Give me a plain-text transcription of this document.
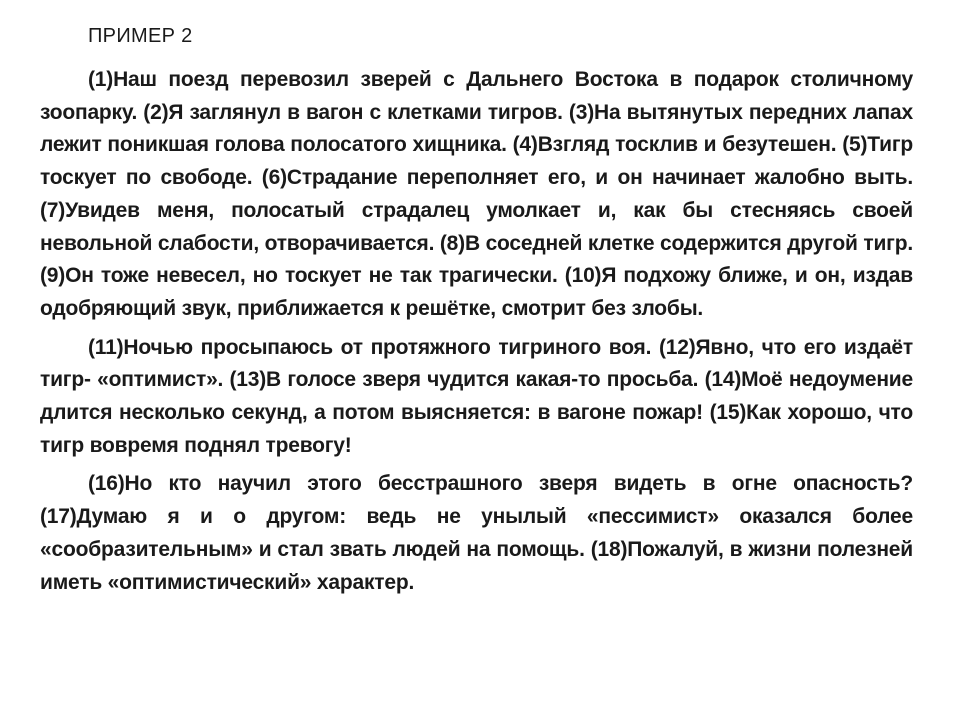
ПРИМЕР 2

(1)Наш поезд перевозил зверей с Дальнего Востока в подарок столичному зоопарку. (2)Я заглянул в вагон с клетками тигров. (3)На вытянутых передних лапах лежит поникшая голова полосатого хищника. (4)Взгляд тосклив и безутешен. (5)Тигр тоскует по свободе. (6)Страдание переполняет его, и он начинает жалобно выть. (7)Увидев меня, полосатый страдалец умолкает и, как бы стесняясь своей невольной слабости, отворачивается. (8)В соседней клетке содержится другой тигр. (9)Он тоже невесел, но тоскует не так трагически. (10)Я подхожу ближе, и он, издав одобряющий звук, приближается к решётке, смотрит без злобы.

(11)Ночью просыпаюсь от протяжного тигриного воя. (12)Явно, что его издаёт тигр- «оптимист». (13)В голосе зверя чудится какая-то просьба. (14)Моё недоумение длится несколько секунд, а потом выясняется: в вагоне пожар! (15)Как хорошо, что тигр вовремя поднял тревогу!

(16)Но кто научил этого бесстрашного зверя видеть в огне опасность? (17)Думаю я и о другом: ведь не унылый «пессимист» оказался более «сообразительным» и стал звать людей на помощь. (18)Пожалуй, в жизни полезней иметь «оптимистический» характер.
